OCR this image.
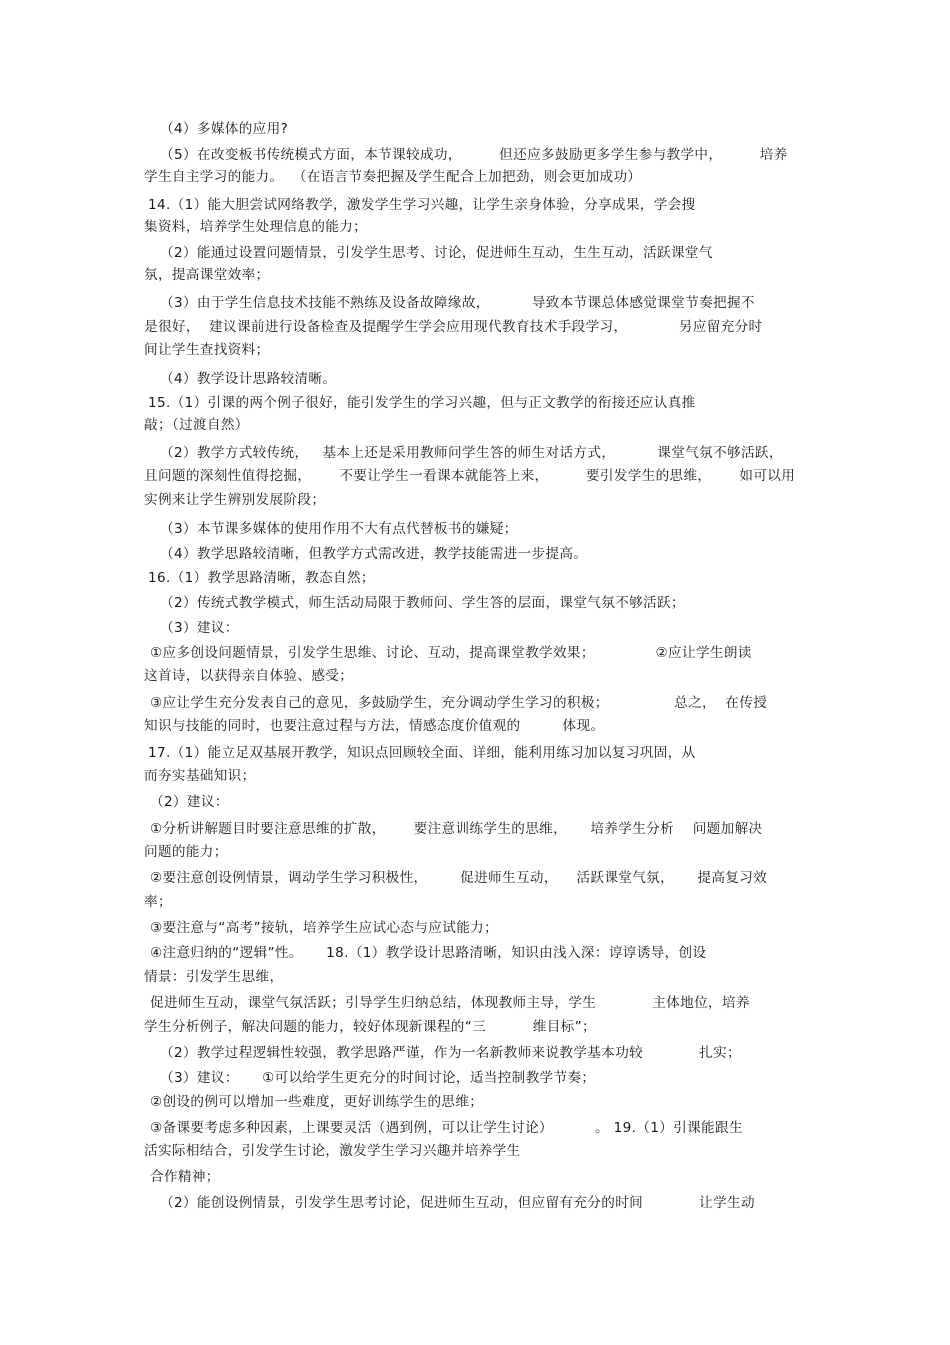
（4）多媒体的应用?
（5）在改变板书传统模式方面，本节课较成功，        但还应多鼓励更多学生参与教学中，        培养
学生自主学习的能力。  （在语言节奏把握及学生配合上加把劲，则会更加成功）
14.（1）能大胆尝试网络教学，激发学生学习兴趣，让学生亲身体验，分享成果，学会搜
集资料，培养学生处理信息的能力；
（2）能通过设置问题情景，引发学生思考、讨论，促进师生互动，生生互动，活跃课堂气
氛，提高课堂效率；
（3）由于学生信息技术技能不熟练及设备故障缘故，         导致本节课总体感觉课堂节奏把握不
是很好，  建议课前进行设备检查及提醒学生学会应用现代教育技术手段学习，           另应留充分时
间让学生查找资料；
（4）教学设计思路较清晰。
15.（1）引课的两个例子很好，能引发学生的学习兴趣，但与正文教学的衔接还应认真推
敲；（过渡自然）
（2）教学方式较传统，   基本上还是采用教师问学生答的师生对话方式，         课堂气氛不够活跃，
且问题的深刻性值得挖掘，      不要让学生一看课本就能答上来，        要引发学生的思维，      如可以用
实例来让学生辨别发展阶段；
（3）本节课多媒体的使用作用不大有点代替板书的嫌疑；
（4）教学思路较清晰，但教学方式需改进，教学技能需进一步提高。
16.（1）教学思路清晰，教态自然；
（2）传统式教学模式，师生活动局限于教师问、学生答的层面，课堂气氛不够活跃；
（3）建议：
①应多创设问题情景，引发学生思维、讨论、互动，提高课堂教学效果；             ②应让学生朗读
这首诗，以获得亲自体验、感受；
③应让学生充分发表自己的意见，多鼓励学生，充分调动学生学习的积极；              总之，  在传授
知识与技能的同时，也要注意过程与方法，情感态度价值观的         体现。
17.（1）能立足双基展开教学，知识点回顾较全面、详细，能利用练习加以复习巩固，从
而夯实基础知识；
（2）建议：
①分析讲解题目时要注意思维的扩散，      要注意训练学生的思维，     培养学生分析    问题加解决
问题的能力；
②要注意创设例情景，调动学生学习积极性，       促进师生互动，    活跃课堂气氛，     提高复习效
率；
③要注意与“高考”接轨，培养学生应试心态与应试能力；
④注意归纳的“逻辑”性。     18.（1）教学设计思路清晰，知识由浅入深：谆谆诱导，创设
情景：引发学生思维，
促进师生互动，课堂气氛活跃；引导学生归纳总结，体现教师主导，学生            主体地位，培养
学生分析例子，解决问题的能力，较好体现新课程的“三          维目标”；
（2）教学过程逻辑性较强，教学思路严谨，作为一名新教师来说教学基本功较            扎实；
（3）建议：     ①可以给学生更充分的时间讨论，适当控制教学节奏；
②创设的例可以增加一些难度，更好训练学生的思维；
③备课要考虑多种因素，上课要灵活（遇到例，可以让学生讨论）         。 19.（1）引课能跟生
活实际相结合，引发学生讨论，激发学生学习兴趣并培养学生
合作精神；
（2）能创设例情景，引发学生思考讨论，促进师生互动，但应留有充分的时间            让学生动
